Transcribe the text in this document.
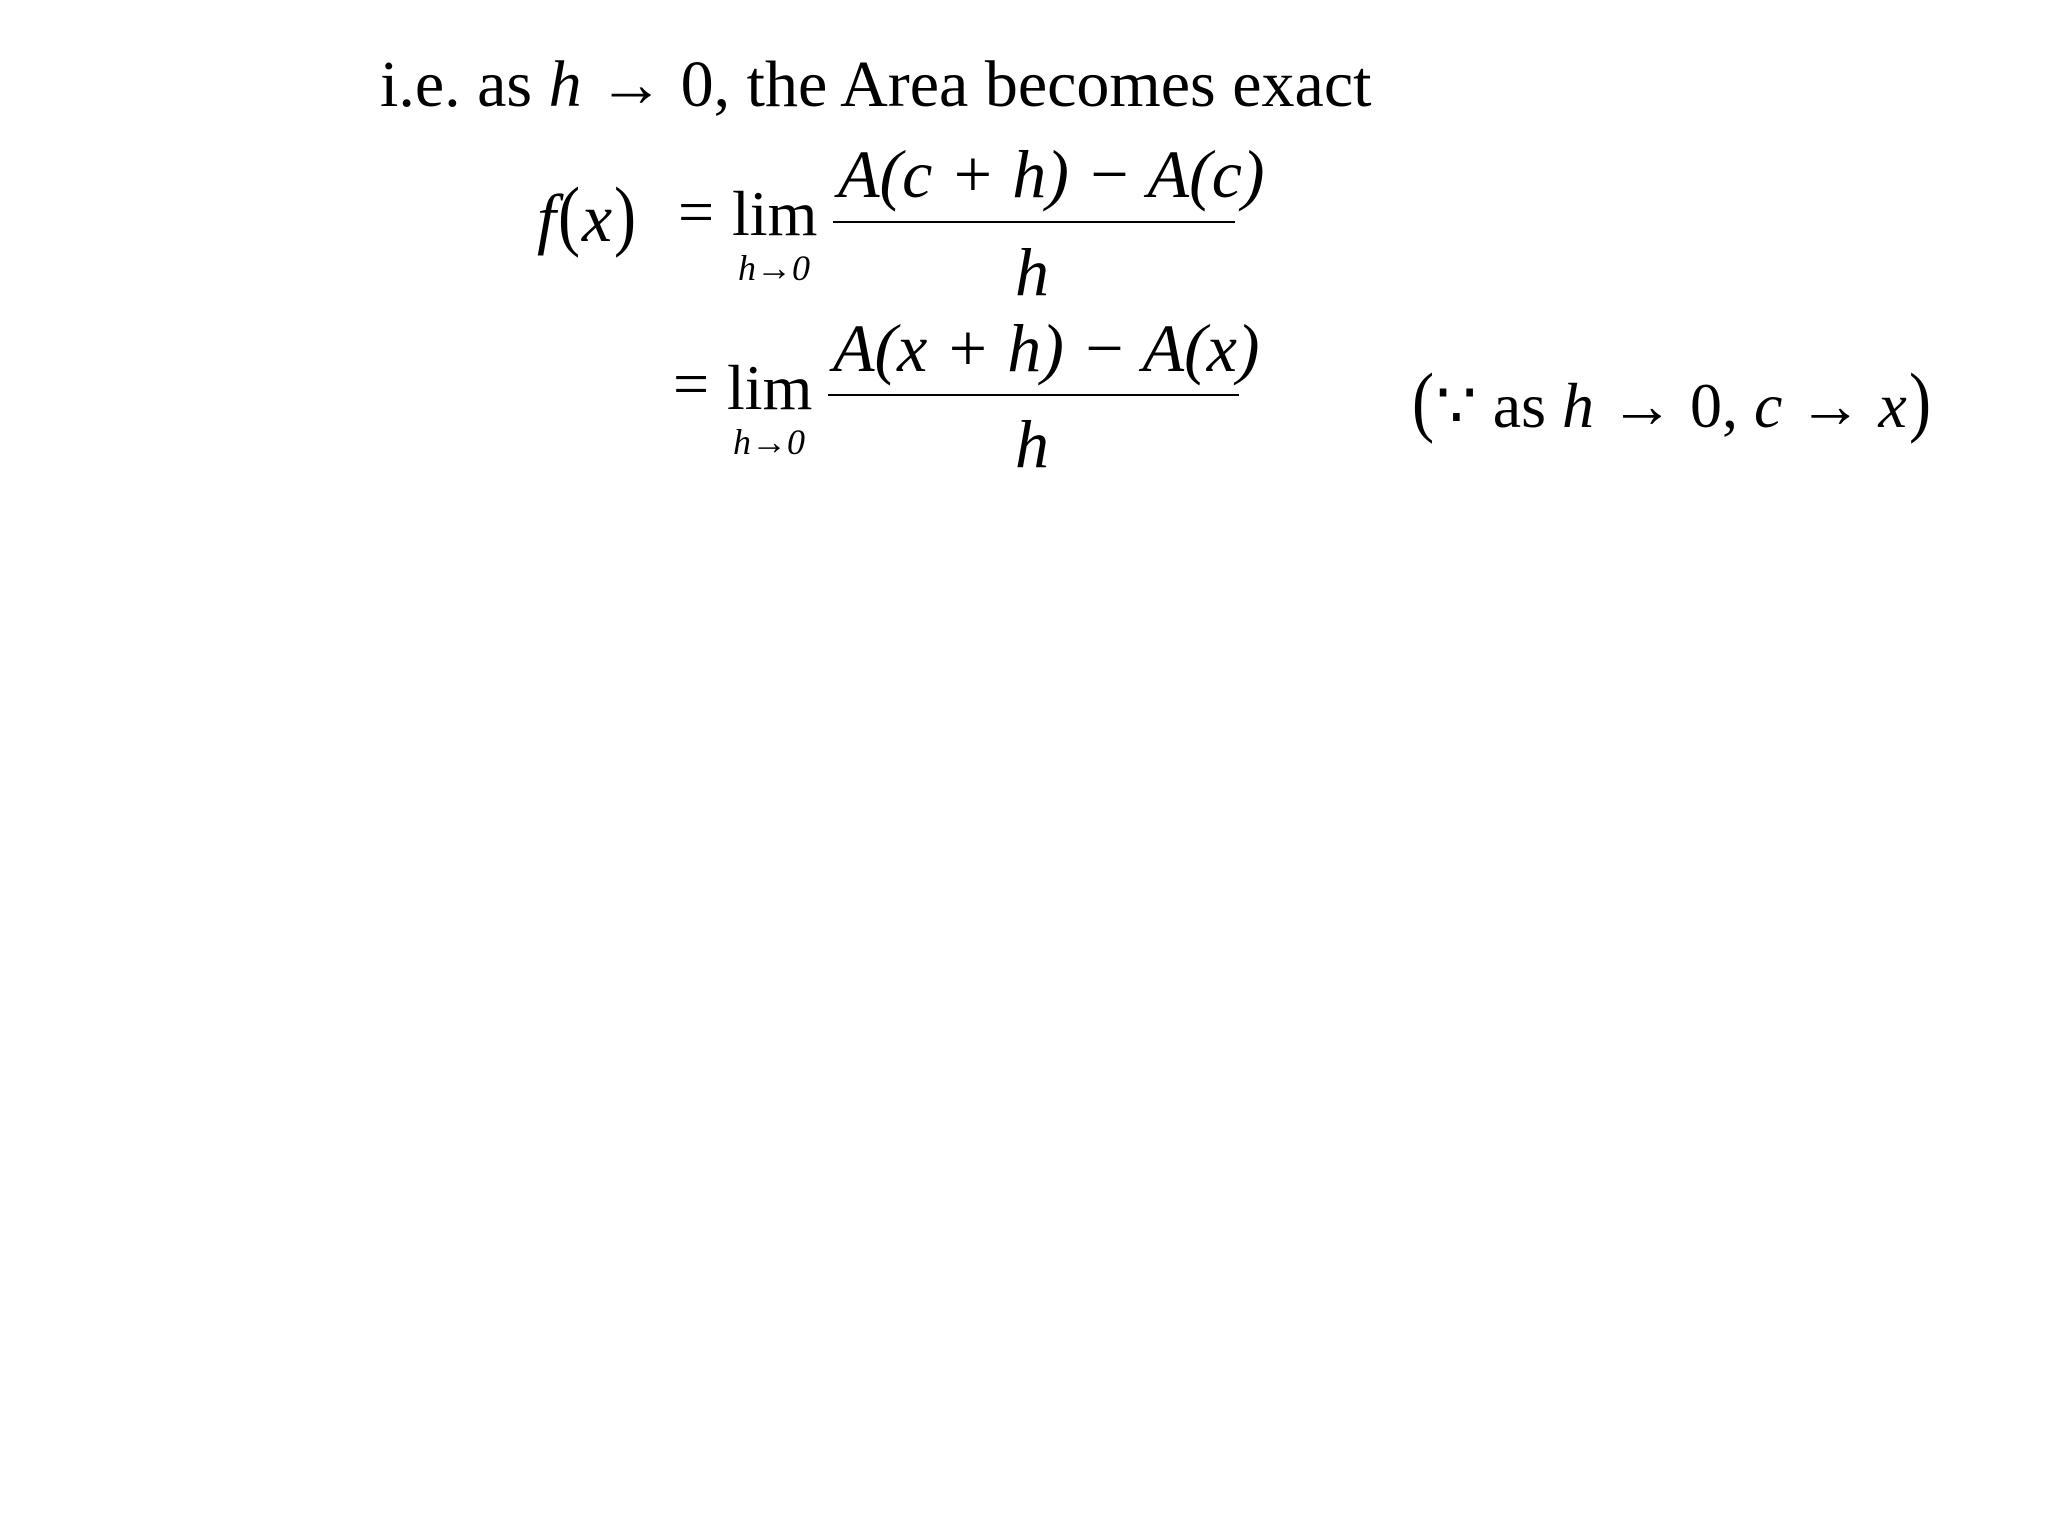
i.e. as h → 0, the Area becomes exact
f(x) = lim
h→0
A(c + h) − A(c)
h
= lim
h→0
A(x + h) − A(x)
h	(∵ as h → 0, c → x)
